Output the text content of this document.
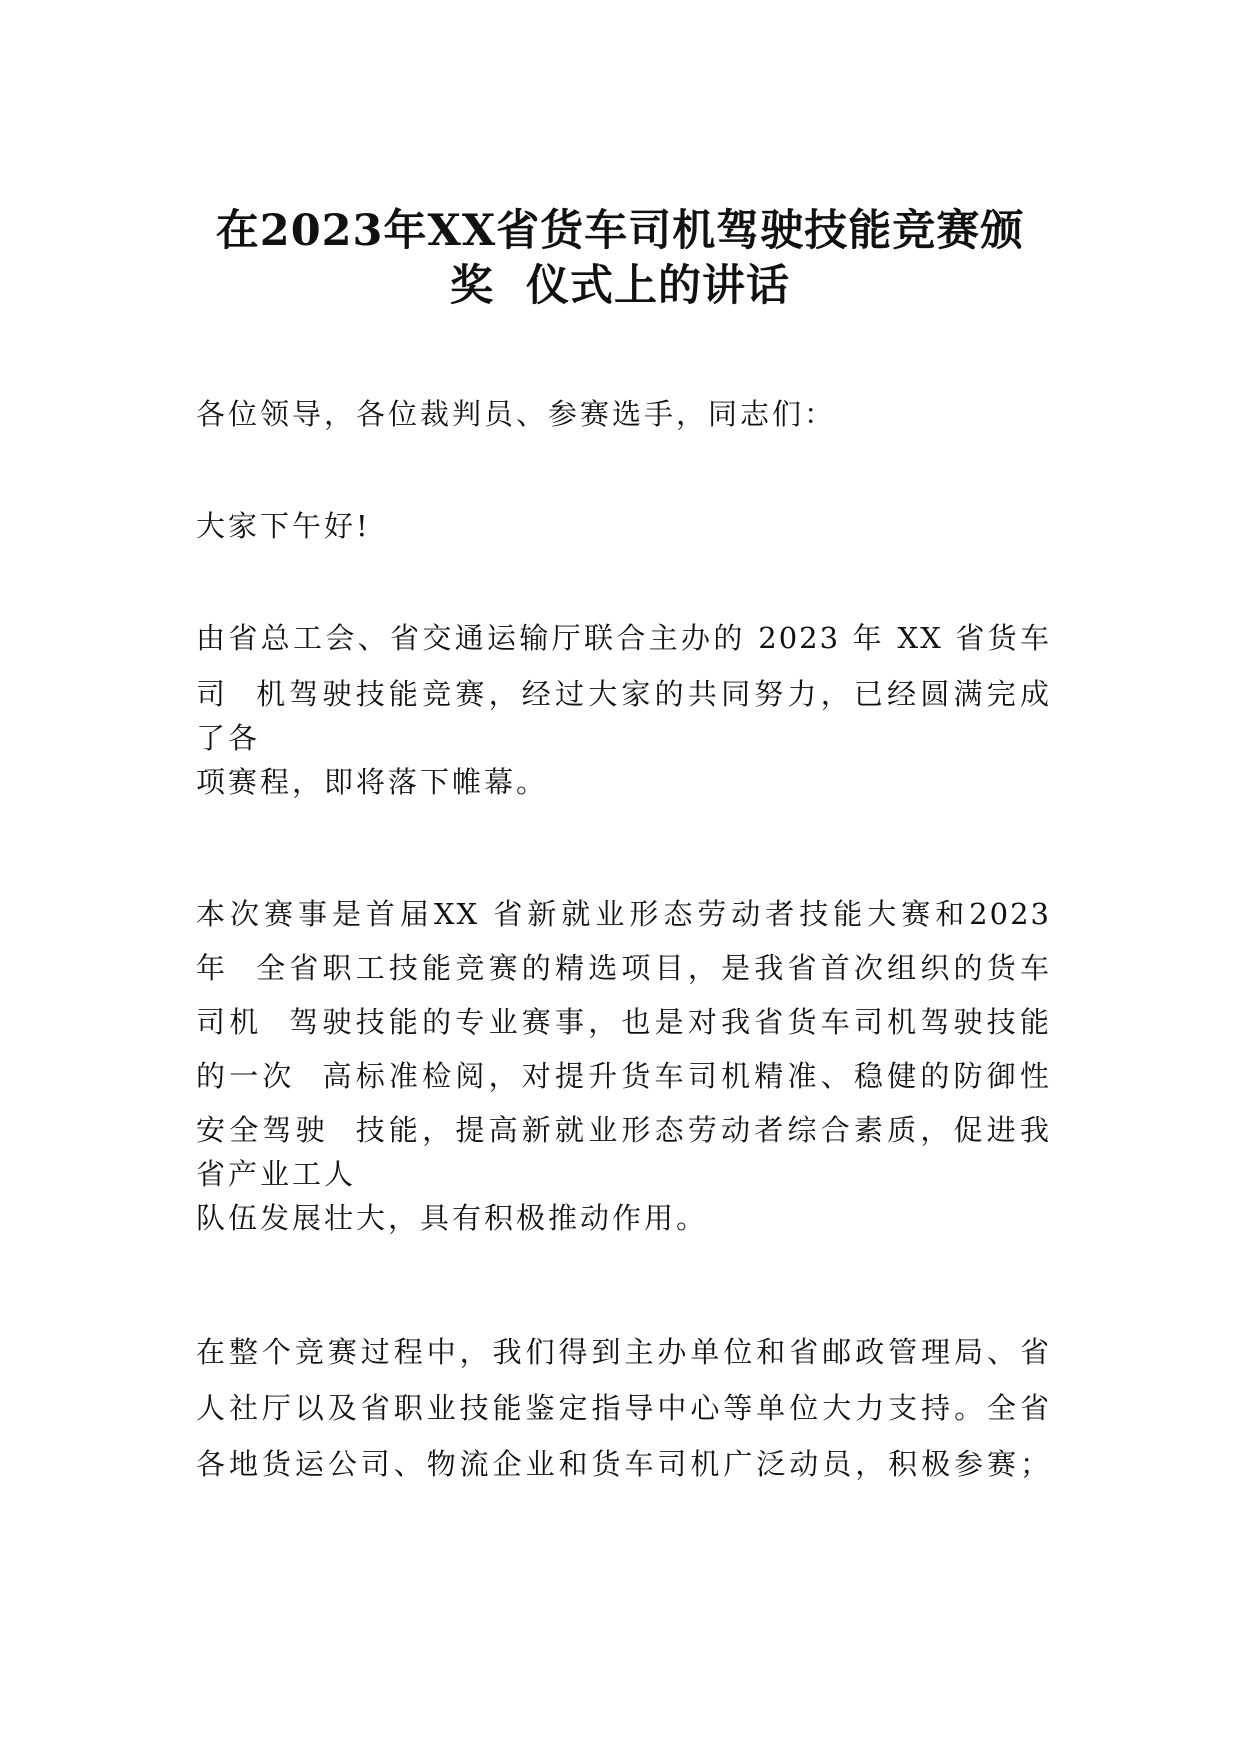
在2023年XX省货车司机驾驶技能竞赛颁
奖  仪式上的讲话
各位领导，各位裁判员、参赛选手，同志们：
大家下午好!
由省总工会、省交通运输厅联合主办的 2023 年 XX 省货车
司  机驾驶技能竞赛，经过大家的共同努力，已经圆满完成
了各
项赛程，即将落下帷幕。
本次赛事是首届XX 省新就业形态劳动者技能大赛和2023
年  全省职工技能竞赛的精选项目，是我省首次组织的货车
司机  驾驶技能的专业赛事，也是对我省货车司机驾驶技能
的一次  高标准检阅，对提升货车司机精准、稳健的防御性
安全驾驶  技能，提高新就业形态劳动者综合素质，促进我
省产业工人
队伍发展壮大，具有积极推动作用。
在整个竞赛过程中，我们得到主办单位和省邮政管理局、省
人社厅以及省职业技能鉴定指导中心等单位大力支持。全省
各地货运公司、物流企业和货车司机广泛动员，积极参赛；
